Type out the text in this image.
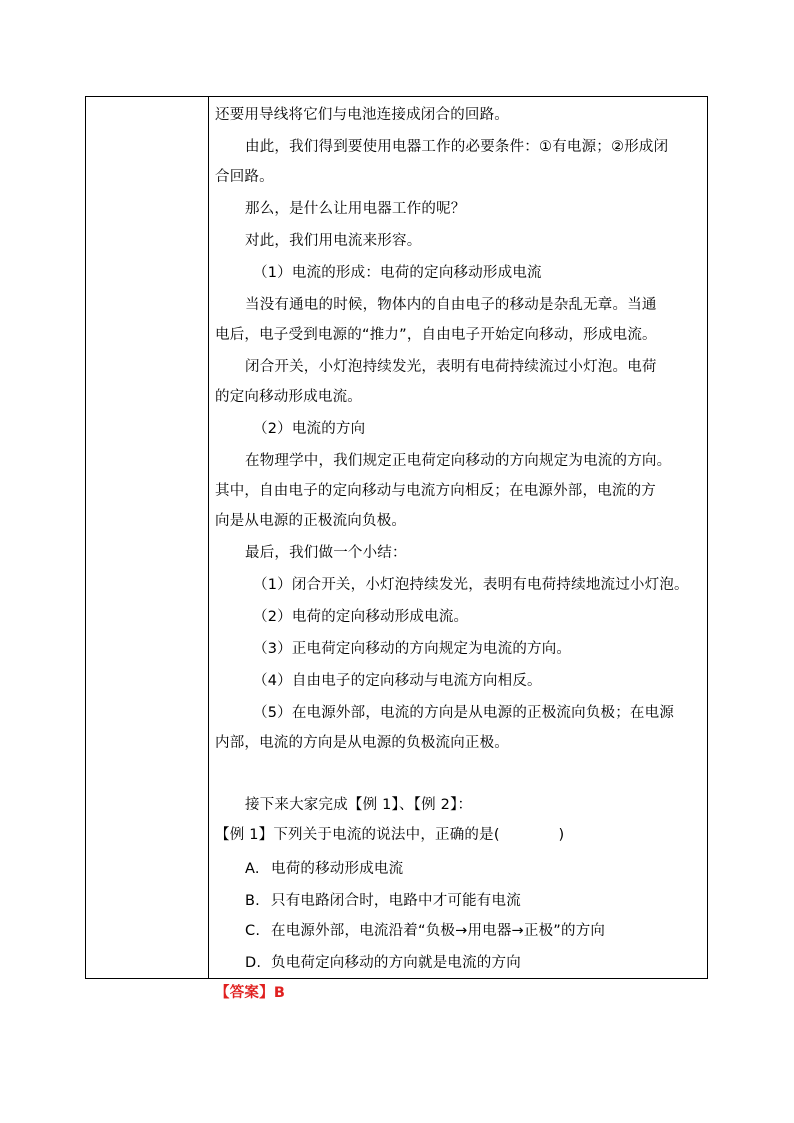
还要用导线将它们与电池连接成闭合的回路。
由此，我们得到要使用电器工作的必要条件：①有电源；②形成闭
合回路。
那么，是什么让用电器工作的呢？
对此，我们用电流来形容。
（1）电流的形成：电荷的定向移动形成电流
当没有通电的时候，物体内的自由电子的移动是杂乱无章。当通
电后，电子受到电源的“推力”，自由电子开始定向移动，形成电流。
闭合开关，小灯泡持续发光，表明有电荷持续流过小灯泡。电荷
的定向移动形成电流。
（2）电流的方向
在物理学中，我们规定正电荷定向移动的方向规定为电流的方向。
其中，自由电子的定向移动与电流方向相反；在电源外部，电流的方
向是从电源的正极流向负极。
最后，我们做一个小结：
（1）闭合开关，小灯泡持续发光，表明有电荷持续地流过小灯泡。
（2）电荷的定向移动形成电流。
（3）正电荷定向移动的方向规定为电流的方向。
（4）自由电子的定向移动与电流方向相反。
（5）在电源外部，电流的方向是从电源的正极流向负极；在电源
内部，电流的方向是从电源的负极流向正极。
接下来大家完成【例 1】、【例 2】：
【例 1】下列关于电流的说法中，正确的是(　　　　)
A. 电荷的移动形成电流
B. 只有电路闭合时，电路中才可能有电流
C. 在电源外部，电流沿着“负极→用电器→正极”的方向
D. 负电荷定向移动的方向就是电流的方向
【答案】B
